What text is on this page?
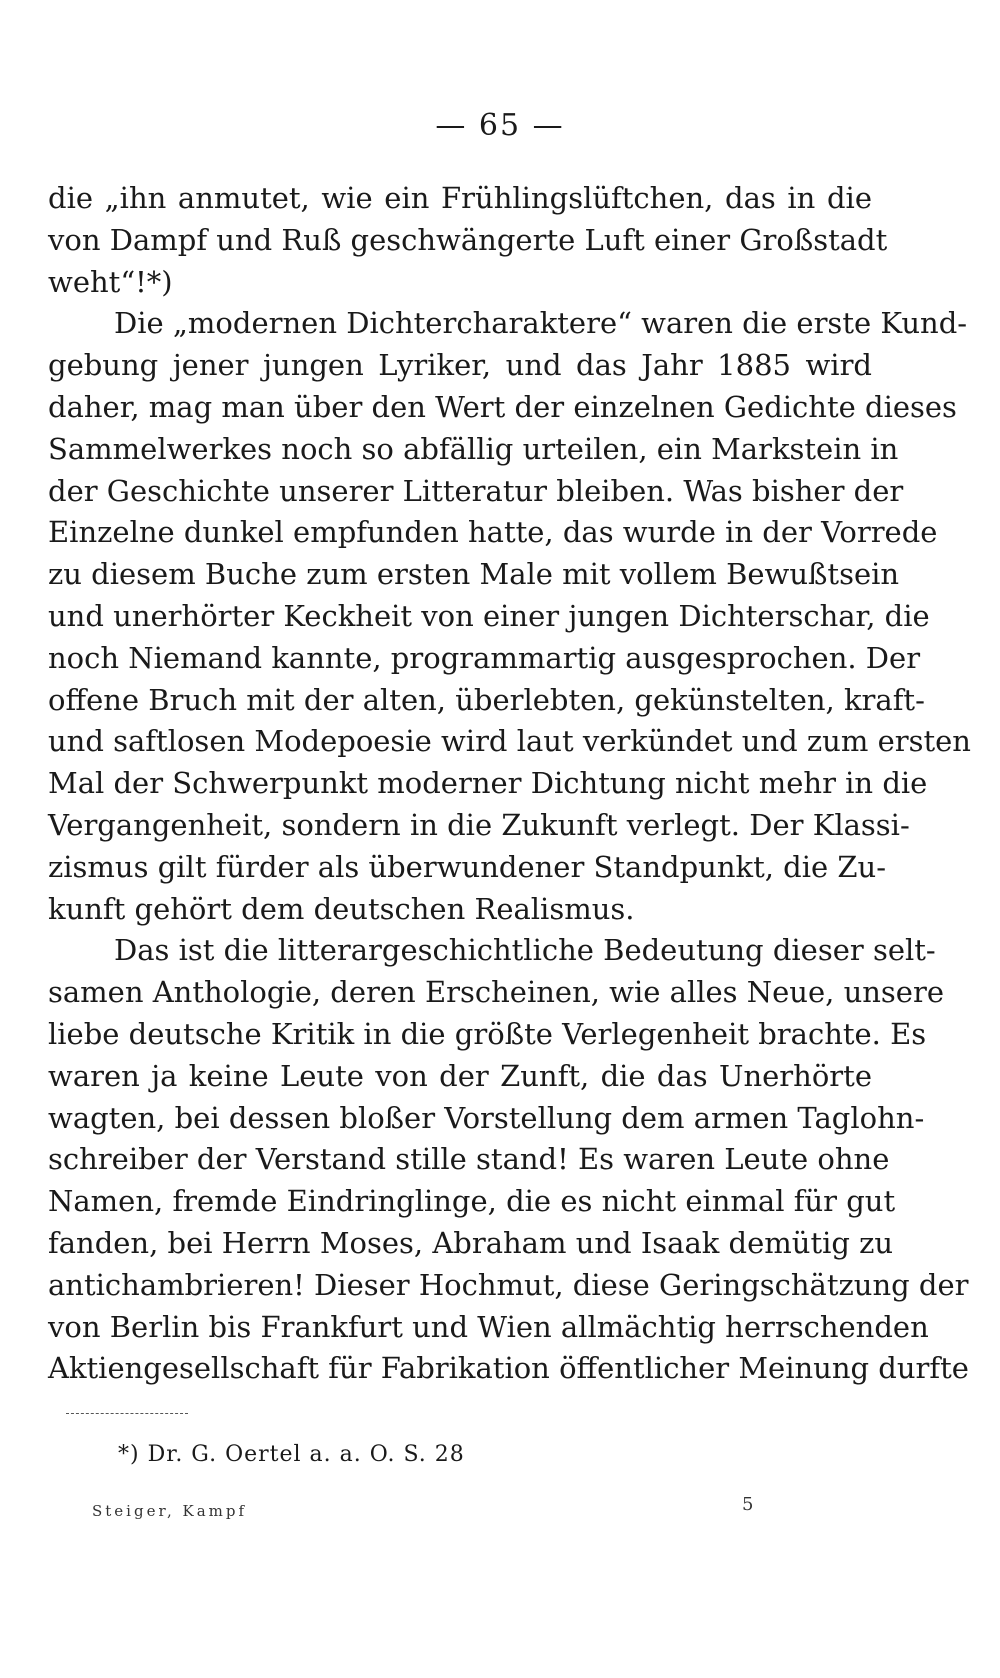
— 65 —
die „ihn anmutet, wie ein Frühlingslüftchen, das in die
von Dampf und Ruß geschwängerte Luft einer Großstadt
weht“!*)
Die „modernen Dichtercharaktere“ waren die erste Kund-
gebung jener jungen Lyriker, und das Jahr 1885 wird
daher, mag man über den Wert der einzelnen Gedichte dieses
Sammelwerkes noch so abfällig urteilen, ein Markstein in
der Geschichte unserer Litteratur bleiben. Was bisher der
Einzelne dunkel empfunden hatte, das wurde in der Vorrede
zu diesem Buche zum ersten Male mit vollem Bewußtsein
und unerhörter Keckheit von einer jungen Dichterschar, die
noch Niemand kannte, programmartig ausgesprochen. Der
offene Bruch mit der alten, überlebten, gekünstelten, kraft-
und saftlosen Modepoesie wird laut verkündet und zum ersten
Mal der Schwerpunkt moderner Dichtung nicht mehr in die
Vergangenheit, sondern in die Zukunft verlegt. Der Klassi-
zismus gilt fürder als überwundener Standpunkt, die Zu-
kunft gehört dem deutschen Realismus.
Das ist die litterargeschichtliche Bedeutung dieser selt-
samen Anthologie, deren Erscheinen, wie alles Neue, unsere
liebe deutsche Kritik in die größte Verlegenheit brachte. Es
waren ja keine Leute von der Zunft, die das Unerhörte
wagten, bei dessen bloßer Vorstellung dem armen Taglohn-
schreiber der Verstand stille stand! Es waren Leute ohne
Namen, fremde Eindringlinge, die es nicht einmal für gut
fanden, bei Herrn Moses, Abraham und Isaak demütig zu
antichambrieren! Dieser Hochmut, diese Geringschätzung der
von Berlin bis Frankfurt und Wien allmächtig herrschenden
Aktiengesellschaft für Fabrikation öffentlicher Meinung durfte
*) Dr. G. Oertel a. a. O. S. 28
Steiger, Kampf	5
